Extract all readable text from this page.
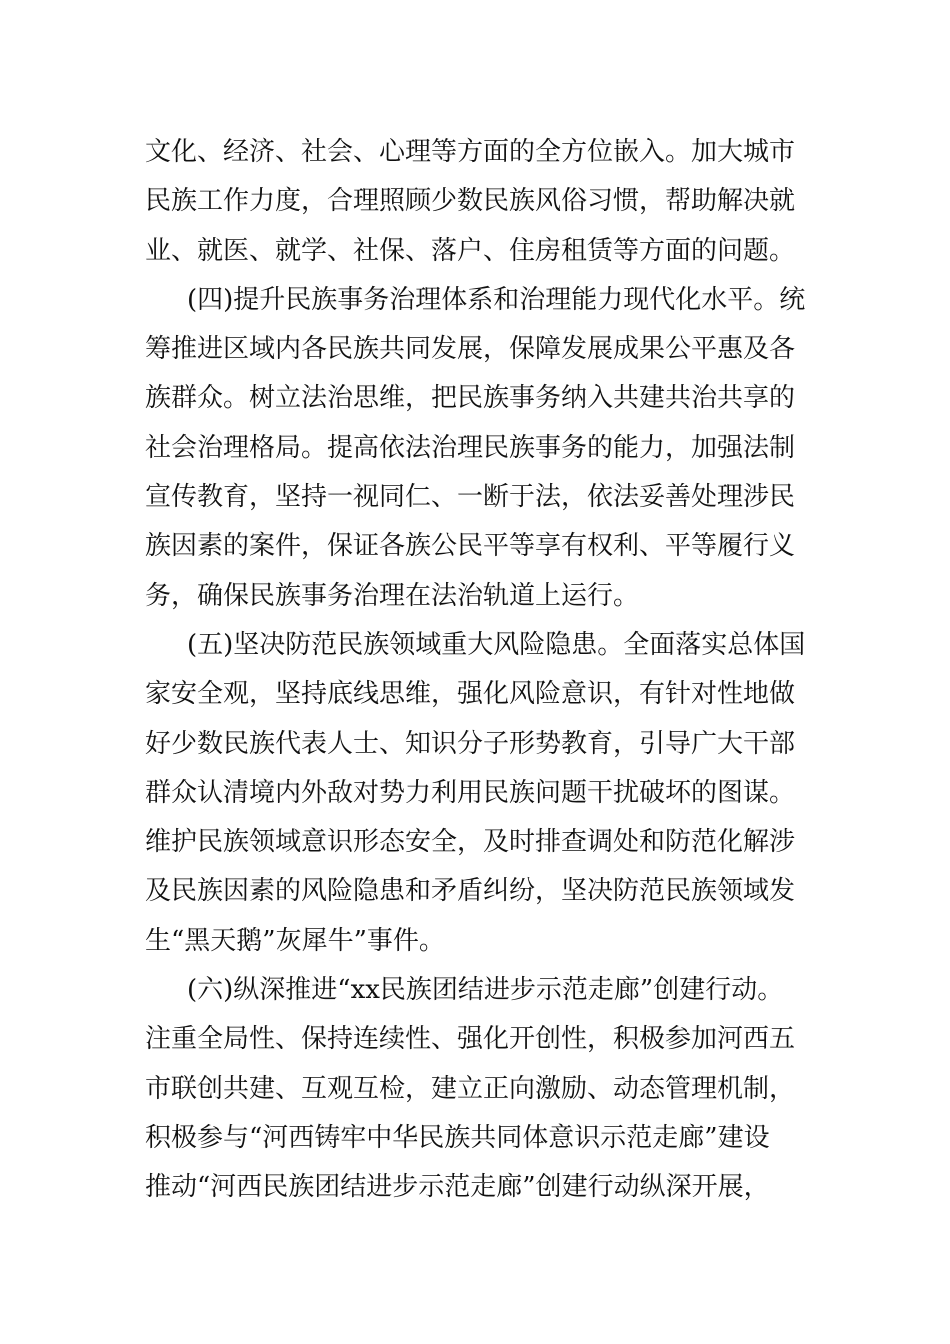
文化、经济、社会、心理等方面的全方位嵌入。加大城市
民族工作力度，合理照顾少数民族风俗习惯，帮助解决就
业、就医、就学、社保、落户、住房租赁等方面的问题。
(四)提升民族事务治理体系和治理能力现代化水平。统
筹推进区域内各民族共同发展，保障发展成果公平惠及各
族群众。树立法治思维，把民族事务纳入共建共治共享的
社会治理格局。提高依法治理民族事务的能力，加强法制
宣传教育，坚持一视同仁、一断于法，依法妥善处理涉民
族因素的案件，保证各族公民平等享有权利、平等履行义
务，确保民族事务治理在法治轨道上运行。
(五)坚决防范民族领域重大风险隐患。全面落实总体国
家安全观，坚持底线思维，强化风险意识，有针对性地做
好少数民族代表人士、知识分子形势教育，引导广大干部
群众认清境内外敌对势力利用民族问题干扰破坏的图谋。
维护民族领域意识形态安全，及时排查调处和防范化解涉
及民族因素的风险隐患和矛盾纠纷，坚决防范民族领域发
生“黑天鹅”灰犀牛”事件。
(六)纵深推进“xx民族团结进步示范走廊”创建行动。
注重全局性、保持连续性、强化开创性，积极参加河西五
市联创共建、互观互检，建立正向激励、动态管理机制，
积极参与“河西铸牢中华民族共同体意识示范走廊”建设
推动“河西民族团结进步示范走廊”创建行动纵深开展，
